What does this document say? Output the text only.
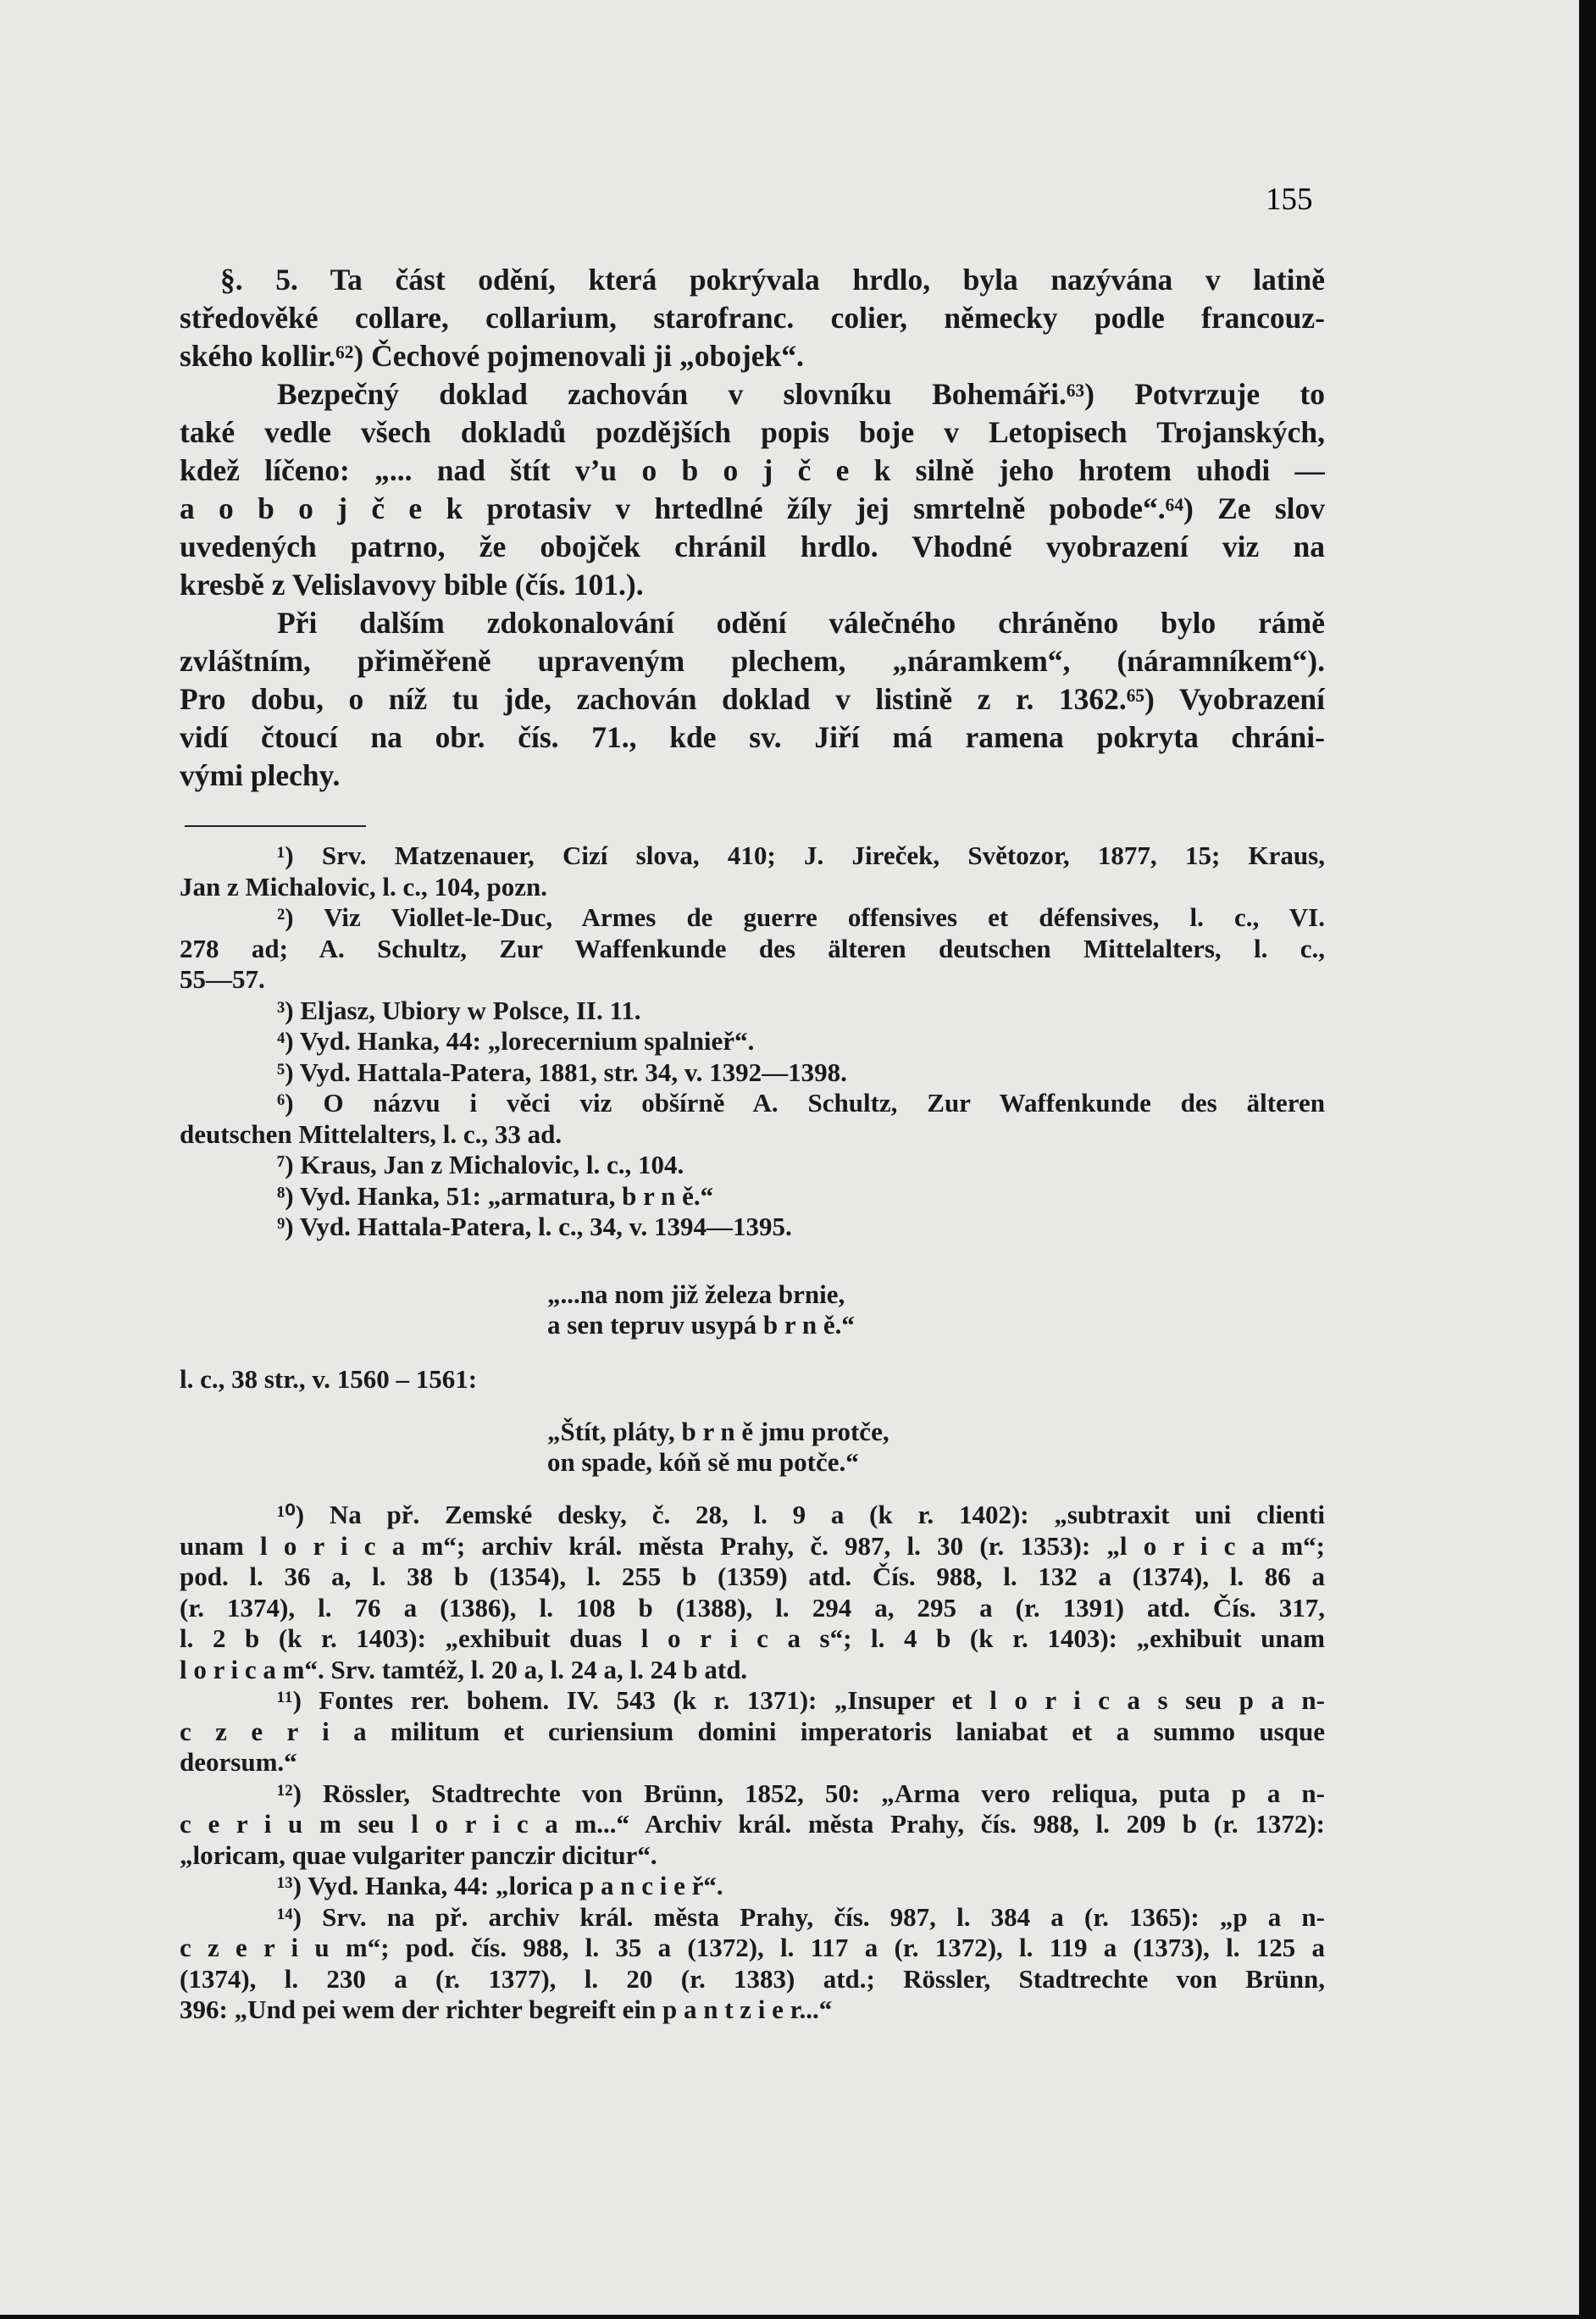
155
§. 5. Ta část odění, která pokrývala hrdlo, byla nazývána v latině
středověké collare, collarium, starofranc. colier, německy podle francouz-
ského kollir.⁶²) Čechové pojmenovali ji „obojek“.
Bezpečný doklad zachován v slovníku Bohemáři.⁶³) Potvrzuje to
také vedle všech dokladů pozdějších popis boje v Letopisech Trojanských,
kdež líčeno: „... nad štít v’u o b o j č e k silně jeho hrotem uhodi —
a o b o j č e k protasiv v hrtedlné žíly jej smrtelně pobode“.⁶⁴) Ze slov
uvedených patrno, že obojček chránil hrdlo. Vhodné vyobrazení viz na
kresbě z Velislavovy bible (čís. 101.).
Při dalším zdokonalování odění válečného chráněno bylo rámě
zvláštním, přiměřeně upraveným plechem, „náramkem“, (náramníkem“).
Pro dobu, o níž tu jde, zachován doklad v listině z r. 1362.⁶⁵) Vyobrazení
vidí čtoucí na obr. čís. 71., kde sv. Jiří má ramena pokryta chráni-
vými plechy.
¹) Srv. Matzenauer, Cizí slova, 410; J. Jireček, Světozor, 1877, 15; Kraus,
Jan z Michalovic, l. c., 104, pozn.
²) Viz Viollet-le-Duc, Armes de guerre offensives et défensives, l. c., VI.
278 ad; A. Schultz, Zur Waffenkunde des älteren deutschen Mittelalters, l. c.,
55—57.
³) Eljasz, Ubiory w Polsce, II. 11.
⁴) Vyd. Hanka, 44: „lorecernium spalnieř“.
⁵) Vyd. Hattala-Patera, 1881, str. 34, v. 1392—1398.
⁶) O názvu i věci viz obšírně A. Schultz, Zur Waffenkunde des älteren
deutschen Mittelalters, l. c., 33 ad.
⁷) Kraus, Jan z Michalovic, l. c., 104.
⁸) Vyd. Hanka, 51: „armatura, b r n ě.“
⁹) Vyd. Hattala-Patera, l. c., 34, v. 1394—1395.
„...na nom již železa brnie,
a sen tepruv usypá b r n ě.“
l. c., 38 str., v. 1560 – 1561:
„Štít, pláty, b r n ě jmu protče,
on spade, kóň sě mu potče.“
¹⁰) Na př. Zemské desky, č. 28, l. 9 a (k r. 1402): „subtraxit uni clienti
unam l o r i c a m“; archiv král. města Prahy, č. 987, l. 30 (r. 1353): „l o r i c a m“;
pod. l. 36 a, l. 38 b (1354), l. 255 b (1359) atd. Čís. 988, l. 132 a (1374), l. 86 a
(r. 1374), l. 76 a (1386), l. 108 b (1388), l. 294 a, 295 a (r. 1391) atd. Čís. 317,
l. 2 b (k r. 1403): „exhibuit duas l o r i c a s“; l. 4 b (k r. 1403): „exhibuit unam
l o r i c a m“. Srv. tamtéž, l. 20 a, l. 24 a, l. 24 b atd.
¹¹) Fontes rer. bohem. IV. 543 (k r. 1371): „Insuper et l o r i c a s seu p a n-
c z e r i a militum et curiensium domini imperatoris laniabat et a summo usque
deorsum.“
¹²) Rössler, Stadtrechte von Brünn, 1852, 50: „Arma vero reliqua, puta p a n-
c e r i u m seu l o r i c a m...“ Archiv král. města Prahy, čís. 988, l. 209 b (r. 1372):
„loricam, quae vulgariter panczir dicitur“.
¹³) Vyd. Hanka, 44: „lorica p a n c i e ř“.
¹⁴) Srv. na př. archiv král. města Prahy, čís. 987, l. 384 a (r. 1365): „p a n-
c z e r i u m“; pod. čís. 988, l. 35 a (1372), l. 117 a (r. 1372), l. 119 a (1373), l. 125 a
(1374), l. 230 a (r. 1377), l. 20 (r. 1383) atd.; Rössler, Stadtrechte von Brünn,
396: „Und pei wem der richter begreift ein p a n t z i e r...“
